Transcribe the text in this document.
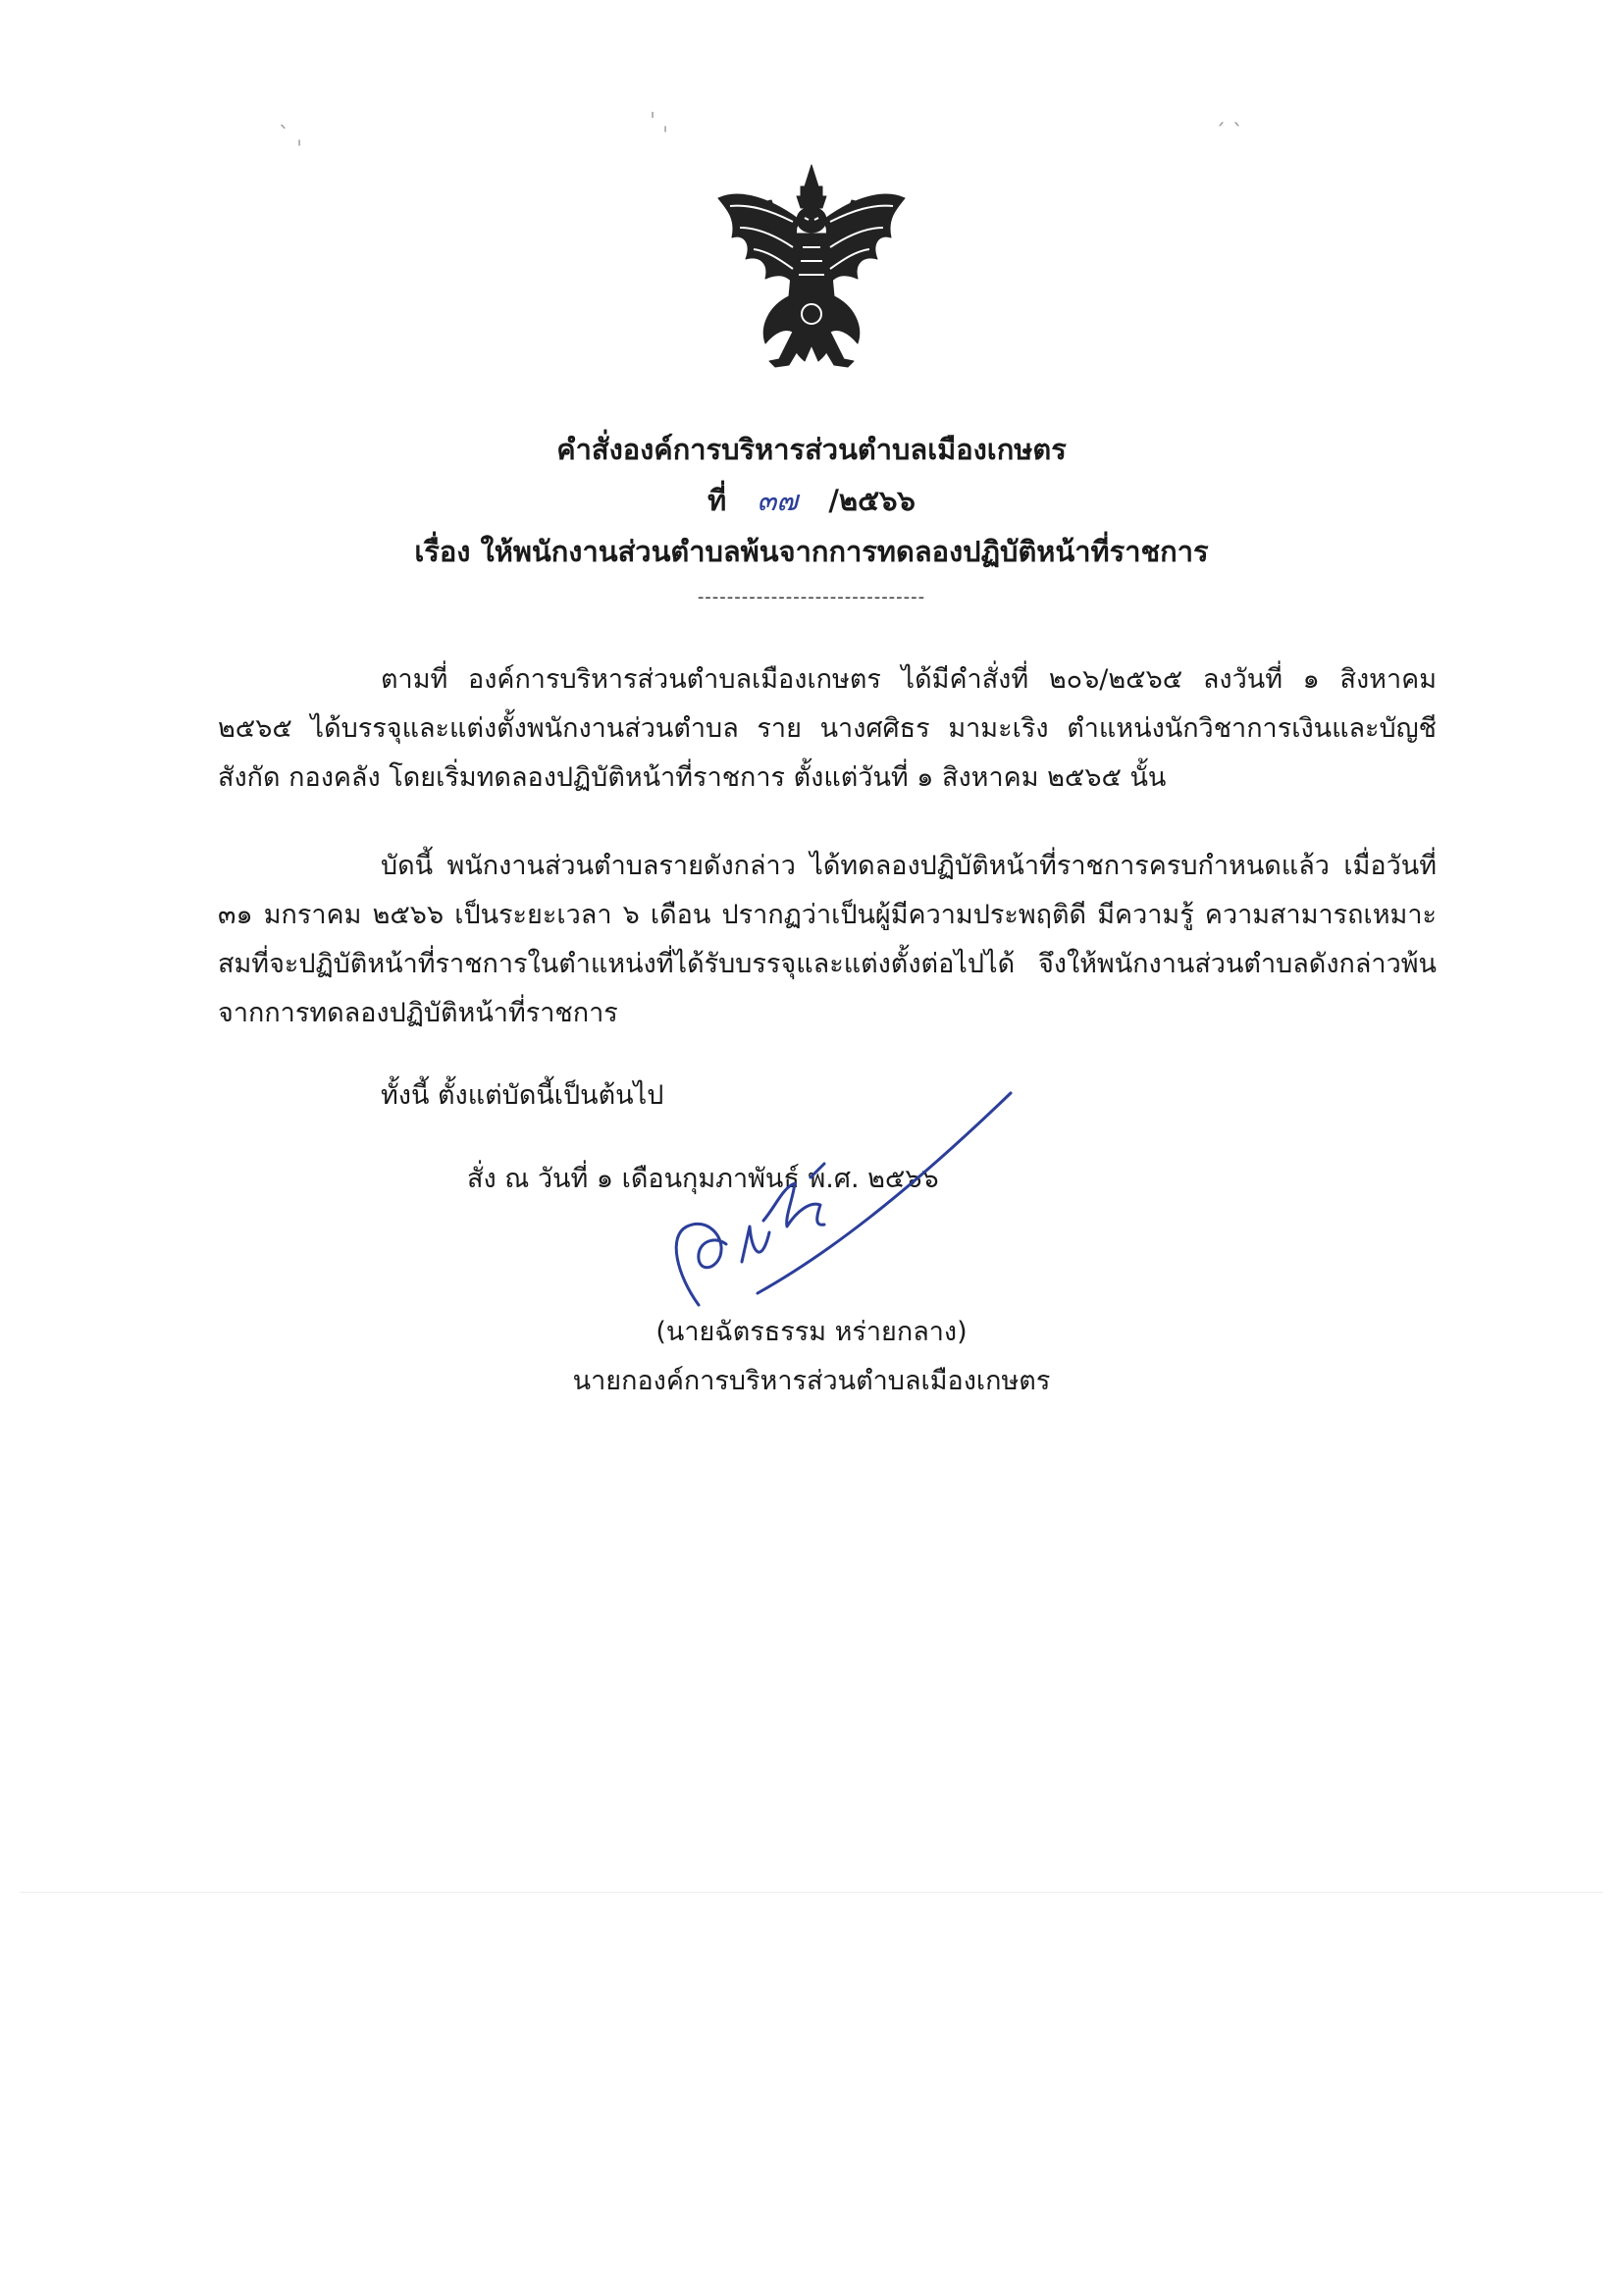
ˋ ˌ
ˈ ˌ	ˏ ˎ
คำสั่งองค์การบริหารส่วนตำบลเมืองเกษตร
ที่ ๓๗ /๒๕๖๖
เรื่อง ให้พนักงานส่วนตำบลพ้นจากการทดลองปฏิบัติหน้าที่ราชการ
-------------------------------
ตามที่ องค์การบริหารส่วนตำบลเมืองเกษตร ได้มีคำสั่งที่ ๒๐๖/๒๕๖๕ ลงวันที่ ๑ สิงหาคม ๒๕๖๕ ได้บรรจุและแต่งตั้งพนักงานส่วนตำบล ราย นางศศิธร มามะเริง ตำแหน่งนักวิชาการเงินและบัญชี สังกัด กองคลัง โดยเริ่มทดลองปฏิบัติหน้าที่ราชการ ตั้งแต่วันที่ ๑ สิงหาคม ๒๕๖๕ นั้น
บัดนี้ พนักงานส่วนตำบลรายดังกล่าว ได้ทดลองปฏิบัติหน้าที่ราชการครบกำหนดแล้ว เมื่อวันที่ ๓๑ มกราคม ๒๕๖๖ เป็นระยะเวลา ๖ เดือน ปรากฏว่าเป็นผู้มีความประพฤติดี มีความรู้ ความสามารถเหมาะสมที่จะปฏิบัติหน้าที่ราชการในตำแหน่งที่ได้รับบรรจุและแต่งตั้งต่อไปได้ จึงให้พนักงานส่วนตำบลดังกล่าวพ้นจากการทดลองปฏิบัติหน้าที่ราชการ
ทั้งนี้ ตั้งแต่บัดนี้เป็นต้นไป
สั่ง ณ วันที่ ๑ เดือนกุมภาพันธ์ พ.ศ. ๒๕๖๖
(นายฉัตรธรรม หร่ายกลาง)
นายกองค์การบริหารส่วนตำบลเมืองเกษตร
